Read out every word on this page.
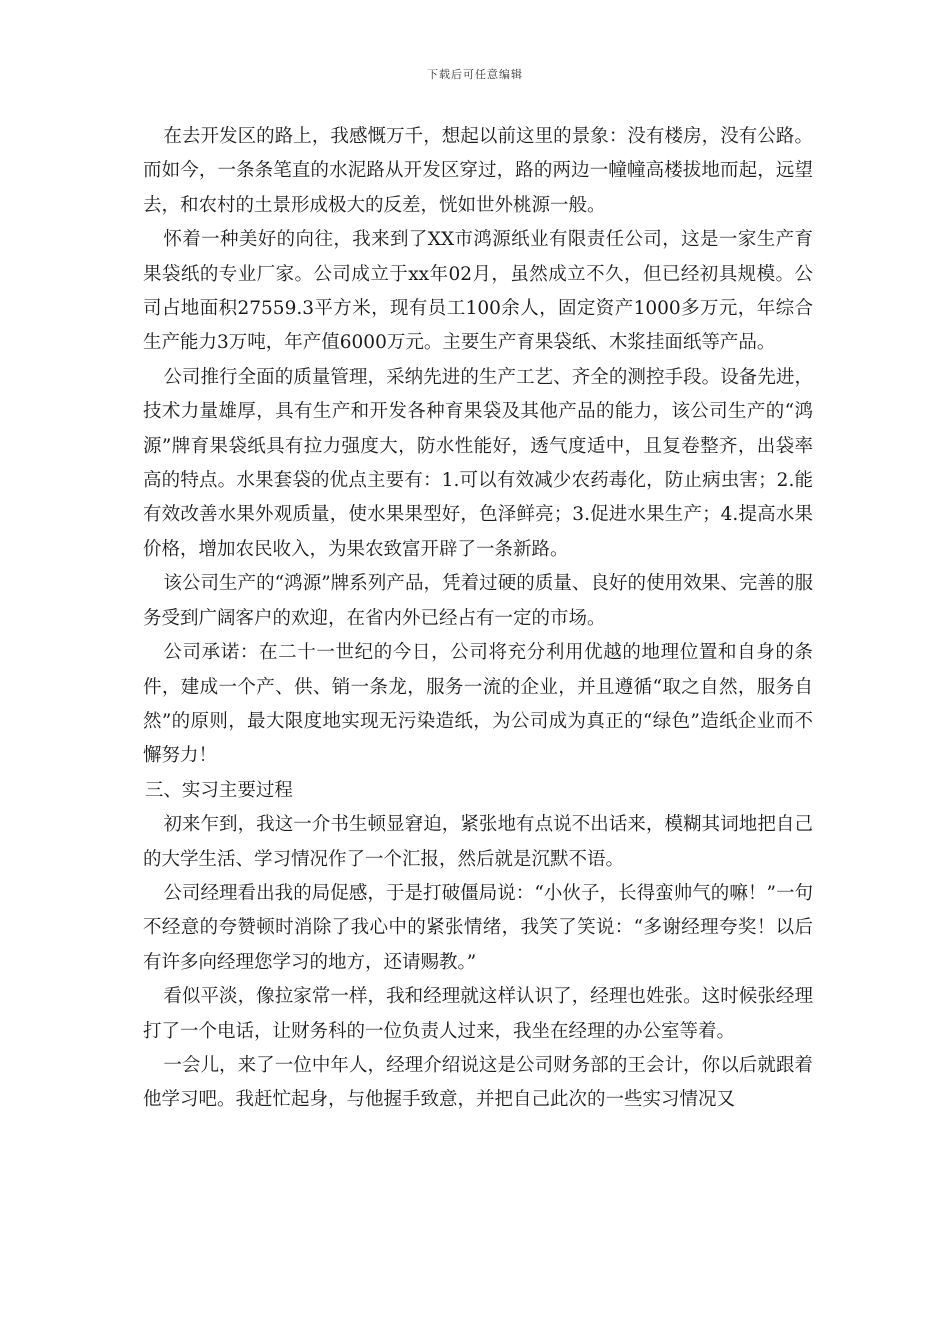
下载后可任意编辑

在去开发区的路上，我感慨万千，想起以前这里的景象：没有楼房，没有公路。而如今，一条条笔直的水泥路从开发区穿过，路的两边一幢幢高楼拔地而起，远望去，和农村的土景形成极大的反差，恍如世外桃源一般。

怀着一种美好的向往，我来到了XX市鸿源纸业有限责任公司，这是一家生产育果袋纸的专业厂家。公司成立于xx年02月，虽然成立不久，但已经初具规模。公司占地面积27559.3平方米，现有员工100余人，固定资产1000多万元，年综合生产能力3万吨，年产值6000万元。主要生产育果袋纸、木浆挂面纸等产品。

公司推行全面的质量管理，采纳先进的生产工艺、齐全的测控手段。设备先进，技术力量雄厚，具有生产和开发各种育果袋及其他产品的能力，该公司生产的“鸿源”牌育果袋纸具有拉力强度大，防水性能好，透气度适中，且复卷整齐，出袋率高的特点。水果套袋的优点主要有：1.可以有效减少农药毒化，防止病虫害；2.能有效改善水果外观质量，使水果果型好，色泽鲜亮；3.促进水果生产；4.提高水果价格，增加农民收入，为果农致富开辟了一条新路。

该公司生产的“鸿源”牌系列产品，凭着过硬的质量、良好的使用效果、完善的服务受到广阔客户的欢迎，在省内外已经占有一定的市场。

公司承诺：在二十一世纪的今日，公司将充分利用优越的地理位置和自身的条件，建成一个产、供、销一条龙，服务一流的企业，并且遵循“取之自然，服务自然”的原则，最大限度地实现无污染造纸，为公司成为真正的“绿色”造纸企业而不懈努力！

三、实习主要过程

初来乍到，我这一介书生顿显窘迫，紧张地有点说不出话来，模糊其词地把自己的大学生活、学习情况作了一个汇报，然后就是沉默不语。

公司经理看出我的局促感，于是打破僵局说：“小伙子，长得蛮帅气的嘛！”一句不经意的夸赞顿时消除了我心中的紧张情绪，我笑了笑说：“多谢经理夸奖！以后有许多向经理您学习的地方，还请赐教。”

看似平淡，像拉家常一样，我和经理就这样认识了，经理也姓张。这时候张经理打了一个电话，让财务科的一位负责人过来，我坐在经理的办公室等着。

一会儿，来了一位中年人，经理介绍说这是公司财务部的王会计，你以后就跟着他学习吧。我赶忙起身，与他握手致意，并把自己此次的一些实习情况又
